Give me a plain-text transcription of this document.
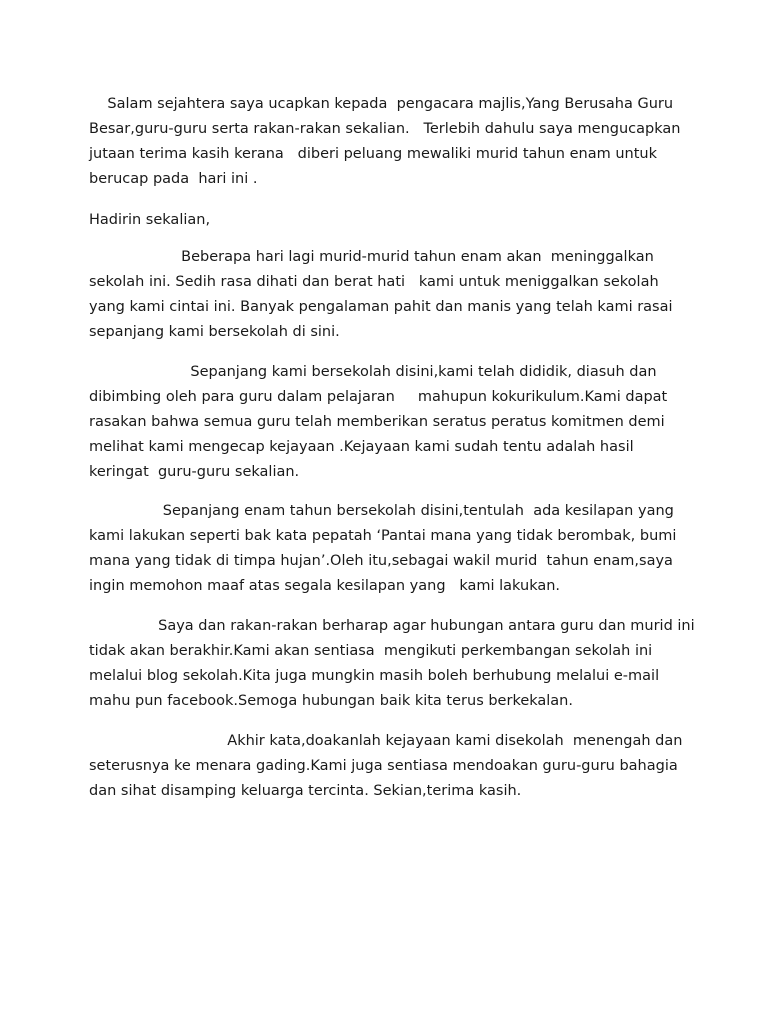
Salam sejahtera saya ucapkan kepada  pengacara majlis,Yang Berusaha Guru
Besar,guru-guru serta rakan-rakan sekalian.   Terlebih dahulu saya mengucapkan
jutaan terima kasih kerana   diberi peluang mewaliki murid tahun enam untuk
berucap pada  hari ini .
Hadirin sekalian,
Beberapa hari lagi murid-murid tahun enam akan  meninggalkan
sekolah ini. Sedih rasa dihati dan berat hati   kami untuk meniggalkan sekolah
yang kami cintai ini. Banyak pengalaman pahit dan manis yang telah kami rasai
sepanjang kami bersekolah di sini.
Sepanjang kami bersekolah disini,kami telah dididik, diasuh dan
dibimbing oleh para guru dalam pelajaran     mahupun kokurikulum.Kami dapat
rasakan bahwa semua guru telah memberikan seratus peratus komitmen demi
melihat kami mengecap kejayaan .Kejayaan kami sudah tentu adalah hasil
keringat  guru-guru sekalian.
Sepanjang enam tahun bersekolah disini,tentulah  ada kesilapan yang
kami lakukan seperti bak kata pepatah ‘Pantai mana yang tidak berombak, bumi
mana yang tidak di timpa hujan’.Oleh itu,sebagai wakil murid  tahun enam,saya
ingin memohon maaf atas segala kesilapan yang   kami lakukan.
Saya dan rakan-rakan berharap agar hubungan antara guru dan murid ini
tidak akan berakhir.Kami akan sentiasa  mengikuti perkembangan sekolah ini
melalui blog sekolah.Kita juga mungkin masih boleh berhubung melalui e-mail
mahu pun facebook.Semoga hubungan baik kita terus berkekalan.
Akhir kata,doakanlah kejayaan kami disekolah  menengah dan
seterusnya ke menara gading.Kami juga sentiasa mendoakan guru-guru bahagia
dan sihat disamping keluarga tercinta. Sekian,terima kasih.
